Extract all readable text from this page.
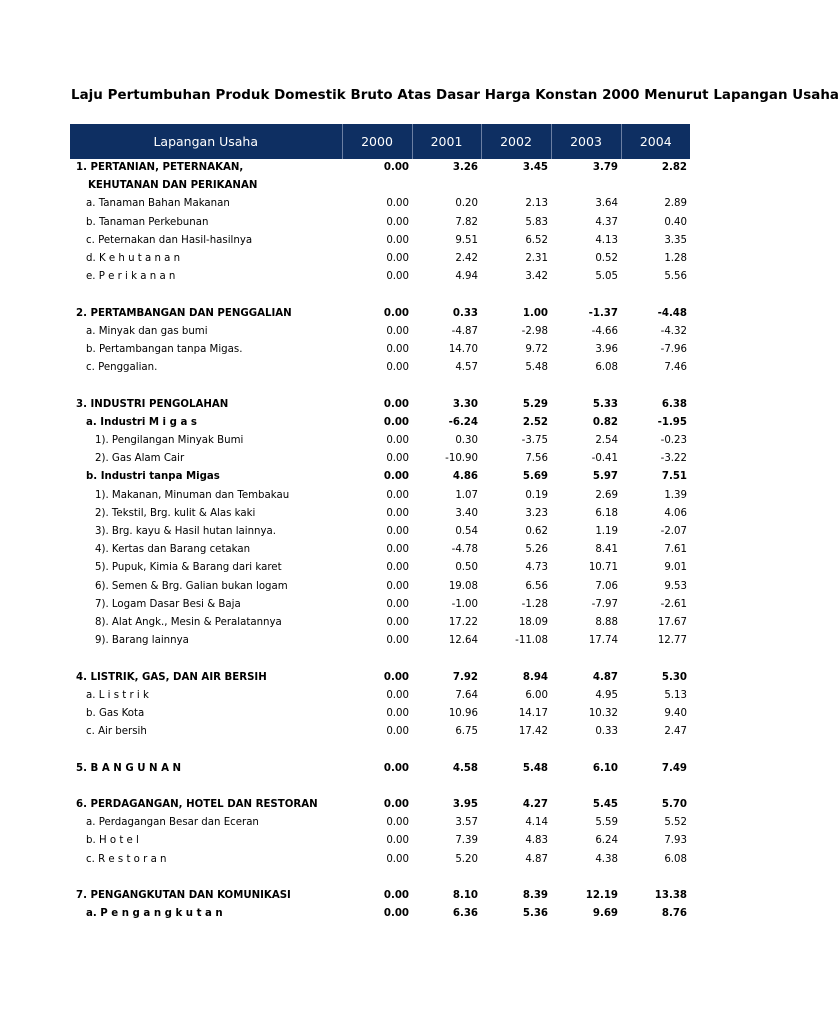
Laju Pertumbuhan Produk Domestik Bruto Atas Dasar Harga Konstan 2000 Menurut Lapangan Usaha
Lapangan Usaha	2000	2001	2002	2003	2004
1. PERTANIAN, PETERNAKAN,	0.00	3.26	3.45	3.79	2.82
KEHUTANAN DAN PERIKANAN					
a. Tanaman Bahan Makanan	0.00	0.20	2.13	3.64	2.89
b. Tanaman Perkebunan	0.00	7.82	5.83	4.37	0.40
c. Peternakan dan Hasil-hasilnya	0.00	9.51	6.52	4.13	3.35
d. K e h u t a n a n	0.00	2.42	2.31	0.52	1.28
e. P e r i k a n a n	0.00	4.94	3.42	5.05	5.56

2. PERTAMBANGAN DAN PENGGALIAN	0.00	0.33	1.00	-1.37	-4.48
a. Minyak dan gas bumi	0.00	-4.87	-2.98	-4.66	-4.32
b. Pertambangan tanpa Migas.	0.00	14.70	9.72	3.96	-7.96
c. Penggalian.	0.00	4.57	5.48	6.08	7.46

3. INDUSTRI PENGOLAHAN	0.00	3.30	5.29	5.33	6.38
a. Industri M i g a s	0.00	-6.24	2.52	0.82	-1.95
1). Pengilangan Minyak Bumi	0.00	0.30	-3.75	2.54	-0.23
2). Gas Alam Cair	0.00	-10.90	7.56	-0.41	-3.22
b. Industri tanpa Migas	0.00	4.86	5.69	5.97	7.51
1). Makanan, Minuman dan Tembakau	0.00	1.07	0.19	2.69	1.39
2). Tekstil, Brg. kulit & Alas kaki	0.00	3.40	3.23	6.18	4.06
3). Brg. kayu & Hasil hutan lainnya.	0.00	0.54	0.62	1.19	-2.07
4). Kertas dan Barang cetakan	0.00	-4.78	5.26	8.41	7.61
5). Pupuk, Kimia & Barang dari karet	0.00	0.50	4.73	10.71	9.01
6). Semen & Brg. Galian bukan logam	0.00	19.08	6.56	7.06	9.53
7). Logam Dasar Besi & Baja	0.00	-1.00	-1.28	-7.97	-2.61
8). Alat Angk., Mesin & Peralatannya	0.00	17.22	18.09	8.88	17.67
9). Barang lainnya	0.00	12.64	-11.08	17.74	12.77

4. LISTRIK, GAS, DAN AIR BERSIH	0.00	7.92	8.94	4.87	5.30
a. L i s t r i k	0.00	7.64	6.00	4.95	5.13
b. Gas Kota	0.00	10.96	14.17	10.32	9.40
c. Air bersih	0.00	6.75	17.42	0.33	2.47

5. B A N G U N A N	0.00	4.58	5.48	6.10	7.49

6. PERDAGANGAN, HOTEL DAN RESTORAN	0.00	3.95	4.27	5.45	5.70
a. Perdagangan Besar dan Eceran	0.00	3.57	4.14	5.59	5.52
b. H o t e l	0.00	7.39	4.83	6.24	7.93
c. R e s t o r a n	0.00	5.20	4.87	4.38	6.08

7. PENGANGKUTAN DAN KOMUNIKASI	0.00	8.10	8.39	12.19	13.38
a. P e n g a n g k u t a n	0.00	6.36	5.36	9.69	8.76
